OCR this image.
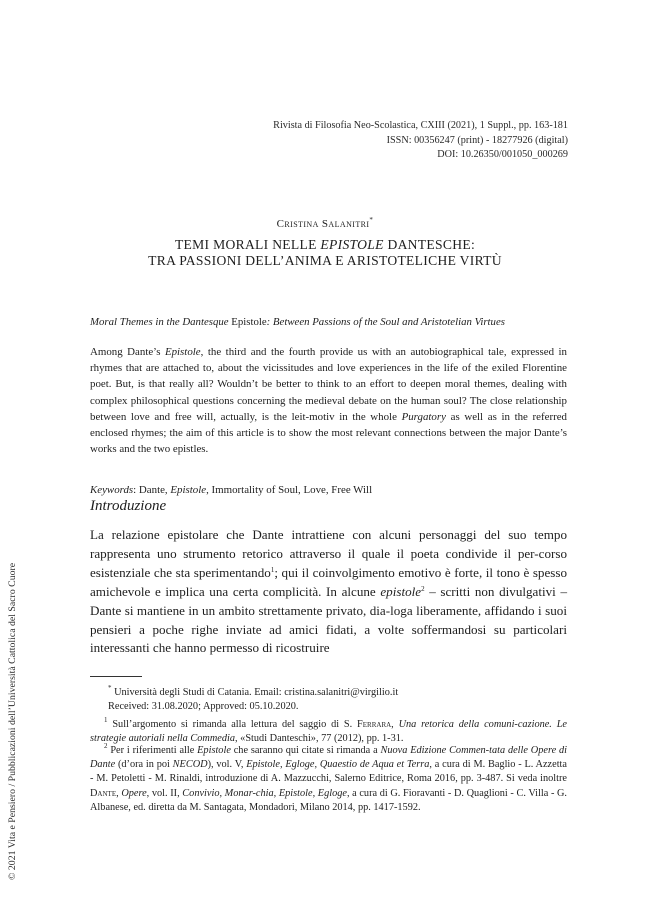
Rivista di Filosofia Neo-Scolastica, CXIII (2021), 1 Suppl., pp. 163-181
ISSN: 00356247 (print) - 18277926 (digital)
DOI: 10.26350/001050_000269
Cristina Salanitri*
TEMI MORALI NELLE EPISTOLE DANTESCHE:
TRA PASSIONI DELL’ANIMA E ARISTOTELICHE VIRTÙ
Moral Themes in the Dantesque Epistole: Between Passions of the Soul and Aristotelian Virtues
Among Dante’s Epistole, the third and the fourth provide us with an autobiographical tale, expressed in rhymes that are attached to, about the vicissitudes and love experiences in the life of the exiled Florentine poet. But, is that really all? Wouldn’t be better to think to an effort to deepen moral themes, dealing with complex philosophical questions concerning the medieval debate on the human soul? The close relationship between love and free will, actually, is the leit-motiv in the whole Purgatory as well as in the referred enclosed rhymes; the aim of this article is to show the most relevant connections between the major Dante’s works and the two epistles.
Keywords: Dante, Epistole, Immortality of Soul, Love, Free Will
Introduzione
La relazione epistolare che Dante intrattiene con alcuni personaggi del suo tempo rappresenta uno strumento retorico attraverso il quale il poeta condivide il per-corso esistenziale che sta sperimentando$^1$; qui il coinvolgimento emotivo è forte, il tono è spesso amichevole e implica una certa complicità. In alcune epistole$^2$ – scritti non divulgativi – Dante si mantiene in un ambito strettamente privato, dia-loga liberamente, affidando i suoi pensieri a poche righe inviate ad amici fidati, a volte soffermandosi su particolari interessanti che hanno permesso di ricostruire
* Università degli Studi di Catania. Email: cristina.salanitri@virgilio.it
Received: 31.08.2020; Approved: 05.10.2020.
$^1$ Sull’argomento si rimanda alla lettura del saggio di S. Ferrara, Una retorica della comuni-cazione. Le strategie autoriali nella Commedia, «Studi Danteschi», 77 (2012), pp. 1-31.
$^2$ Per i riferimenti alle Epistole che saranno qui citate si rimanda a Nuova Edizione Commen-tata delle Opere di Dante (d’ora in poi NECOD), vol. V, Epistole, Egloge, Quaestio de Aqua et Terra, a cura di M. Baglio - L. Azzetta - M. Petoletti - M. Rinaldi, introduzione di A. Mazzucchi, Salerno Editrice, Roma 2016, pp. 3-487. Si veda inoltre Dante, Opere, vol. II, Convivio, Monar-chia, Epistole, Egloge, a cura di G. Fioravanti - D. Quaglioni - C. Villa - G. Albanese, ed. diretta da M. Santagata, Mondadori, Milano 2014, pp. 1417-1592.
© 2021 Vita e Pensiero / Pubblicazioni dell’Università Cattolica del Sacro Cuore
